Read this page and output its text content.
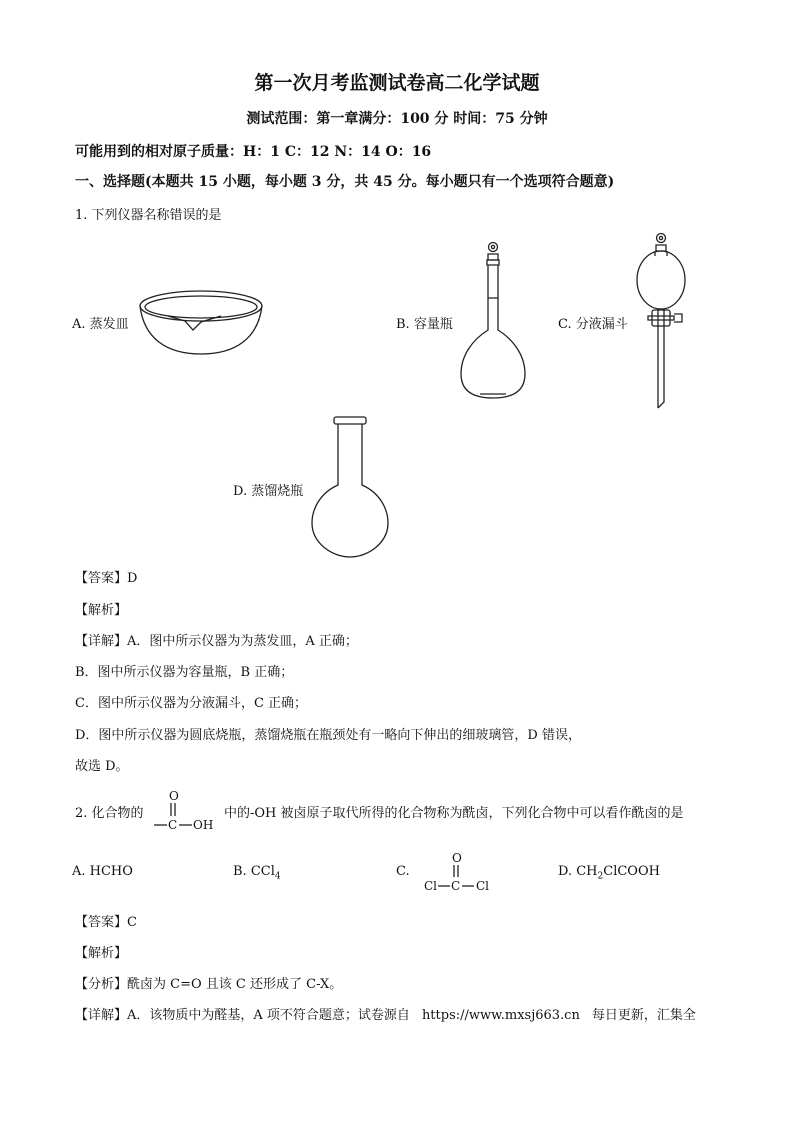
第一次月考监测试卷高二化学试题
测试范围：第一章满分：100 分 时间：75 分钟
可能用到的相对原子质量：H：1 C：12 N：14 O：16
一、选择题(本题共 15 小题，每小题 3 分，共 45 分。每小题只有一个选项符合题意)
1. 下列仪器名称错误的是
A. 蒸发皿	B. 容量瓶	C. 分液漏斗
D. 蒸馏烧瓶
【答案】D
【解析】
【详解】A．图中所示仪器为为蒸发皿，A 正确；
B．图中所示仪器为容量瓶，B 正确；
C．图中所示仪器为分液漏斗，C 正确；
D．图中所示仪器为圆底烧瓶，蒸馏烧瓶在瓶颈处有一略向下伸出的细玻璃管，D 错误，
故选 D。
2. 化合物的
O
C OH
中的-OH 被卤原子取代所得的化合物称为酰卤，下列化合物中可以看作酰卤的是
A. HCHO	B. CCl$_4$	C.
O
Cl C Cl
D. $CH_2ClCOOH$
【答案】C
【解析】
【分析】酰卤为 C=O 且该 C 还形成了 C-X。
【详解】A．该物质中为醛基，A 项不符合题意；试卷源自 https://www.mxsj663.cn 每日更新，汇集全
